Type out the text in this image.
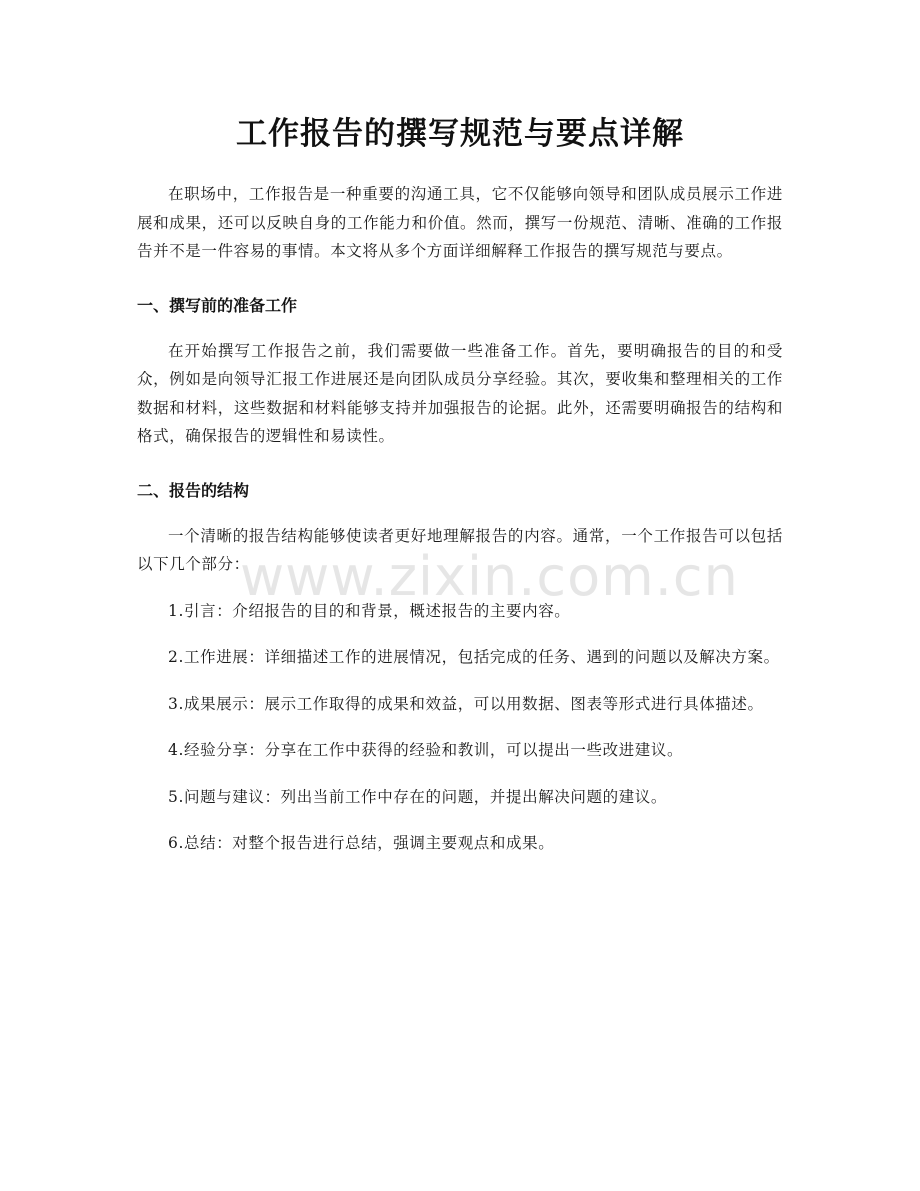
工作报告的撰写规范与要点详解

在职场中，工作报告是一种重要的沟通工具，它不仅能够向领导和团队成员展示工作进展和成果，还可以反映自身的工作能力和价值。然而，撰写一份规范、清晰、准确的工作报告并不是一件容易的事情。本文将从多个方面详细解释工作报告的撰写规范与要点。

一、撰写前的准备工作

在开始撰写工作报告之前，我们需要做一些准备工作。首先，要明确报告的目的和受众，例如是向领导汇报工作进展还是向团队成员分享经验。其次，要收集和整理相关的工作数据和材料，这些数据和材料能够支持并加强报告的论据。此外，还需要明确报告的结构和格式，确保报告的逻辑性和易读性。

二、报告的结构

一个清晰的报告结构能够使读者更好地理解报告的内容。通常，一个工作报告可以包括以下几个部分：

1.引言：介绍报告的目的和背景，概述报告的主要内容。

2.工作进展：详细描述工作的进展情况，包括完成的任务、遇到的问题以及解决方案。

3.成果展示：展示工作取得的成果和效益，可以用数据、图表等形式进行具体描述。

4.经验分享：分享在工作中获得的经验和教训，可以提出一些改进建议。

5.问题与建议：列出当前工作中存在的问题，并提出解决问题的建议。

6.总结：对整个报告进行总结，强调主要观点和成果。

www.zixin.com.cn
